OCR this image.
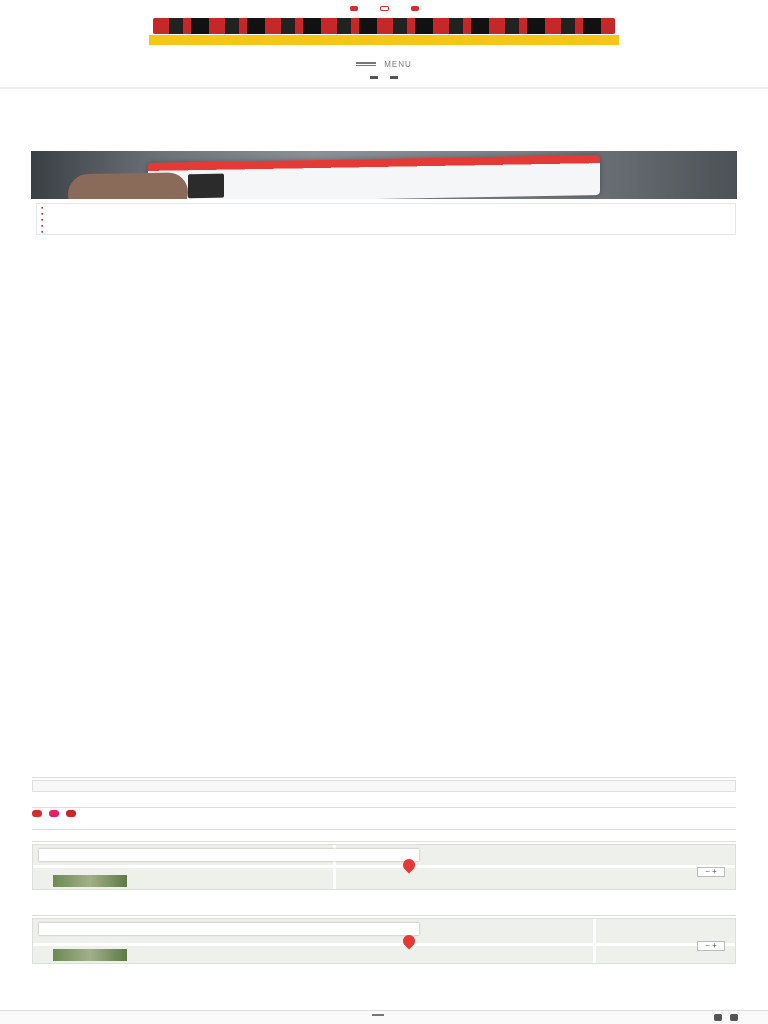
MENU
▪
▪
▪
▪
▪

− +
− +
